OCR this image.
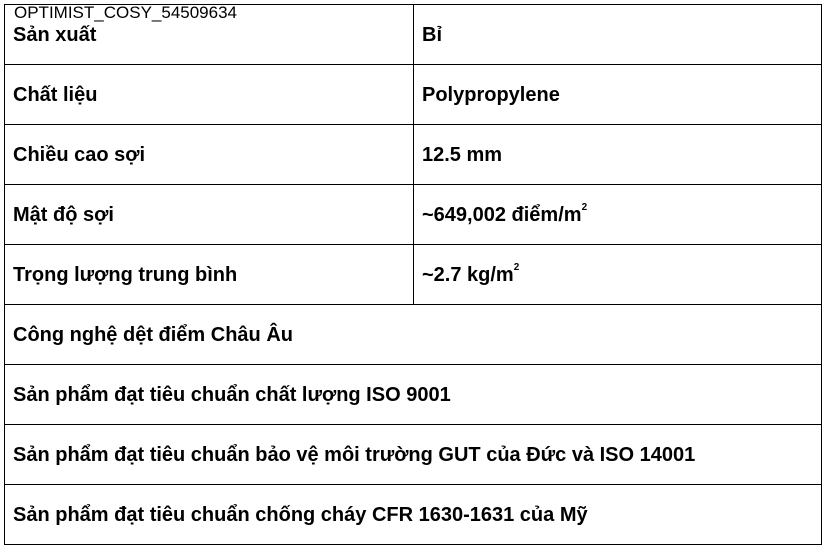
OPTIMIST_COSY_54509634
Sản xuất	Bỉ
Chất liệu	Polypropylene
Chiều cao sợi	12.5 mm
Mật độ sợi	~649,002 điểm/$m^2$
Trọng lượng trung bình	~2.7 $kg/m^2$
Công nghệ dệt điểm Châu Âu	
Sản phẩm đạt tiêu chuẩn chất lượng ISO 9001	
Sản phẩm đạt tiêu chuẩn bảo vệ môi trường GUT của Đức và ISO 14001	
Sản phẩm đạt tiêu chuẩn chống cháy CFR 1630-1631 của Mỹ	
